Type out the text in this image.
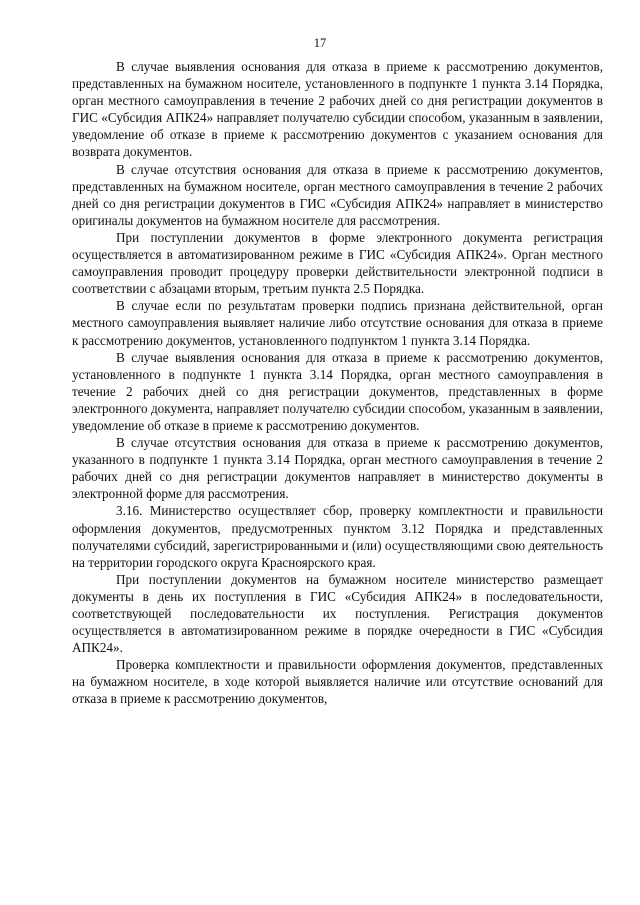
17

В случае выявления основания для отказа в приеме к рассмотрению документов, представленных на бумажном носителе, установленного в подпункте 1 пункта 3.14 Порядка, орган местного самоуправления в течение 2 рабочих дней со дня регистрации документов в ГИС «Субсидия АПК24» направляет получателю субсидии способом, указанным в заявлении, уведомление об отказе в приеме к рассмотрению документов с указанием основания для возврата документов.

В случае отсутствия основания для отказа в приеме к рассмотрению документов, представленных на бумажном носителе, орган местного самоуправления в течение 2 рабочих дней со дня регистрации документов в ГИС «Субсидия АПК24» направляет в министерство оригиналы документов на бумажном носителе для рассмотрения.

При поступлении документов в форме электронного документа регистрация осуществляется в автоматизированном режиме в ГИС «Субсидия АПК24». Орган местного самоуправления проводит процедуру проверки действительности электронной подписи в соответствии с абзацами вторым, третьим пункта 2.5 Порядка.

В случае если по результатам проверки подпись признана действительной, орган местного самоуправления выявляет наличие либо отсутствие основания для отказа в приеме к рассмотрению документов, установленного подпунктом 1 пункта 3.14 Порядка.

В случае выявления основания для отказа в приеме к рассмотрению документов, установленного в подпункте 1 пункта 3.14 Порядка, орган местного самоуправления в течение 2 рабочих дней со дня регистрации документов, представленных в форме электронного документа, направляет получателю субсидии способом, указанным в заявлении, уведомление об отказе в приеме к рассмотрению документов.

В случае отсутствия основания для отказа в приеме к рассмотрению документов, указанного в подпункте 1 пункта 3.14 Порядка, орган местного самоуправления в течение 2 рабочих дней со дня регистрации документов направляет в министерство документы в электронной форме для рассмотрения.

3.16. Министерство осуществляет сбор, проверку комплектности и правильности оформления документов, предусмотренных пунктом 3.12 Порядка и представленных получателями субсидий, зарегистрированными и (или) осуществляющими свою деятельность на территории городского округа Красноярского края.

При поступлении документов на бумажном носителе министерство размещает документы в день их поступления в ГИС «Субсидия АПК24» в последовательности, соответствующей последовательности их поступления. Регистрация документов осуществляется в автоматизированном режиме в порядке очередности в ГИС «Субсидия АПК24».

Проверка комплектности и правильности оформления документов, представленных на бумажном носителе, в ходе которой выявляется наличие или отсутствие оснований для отказа в приеме к рассмотрению документов,
